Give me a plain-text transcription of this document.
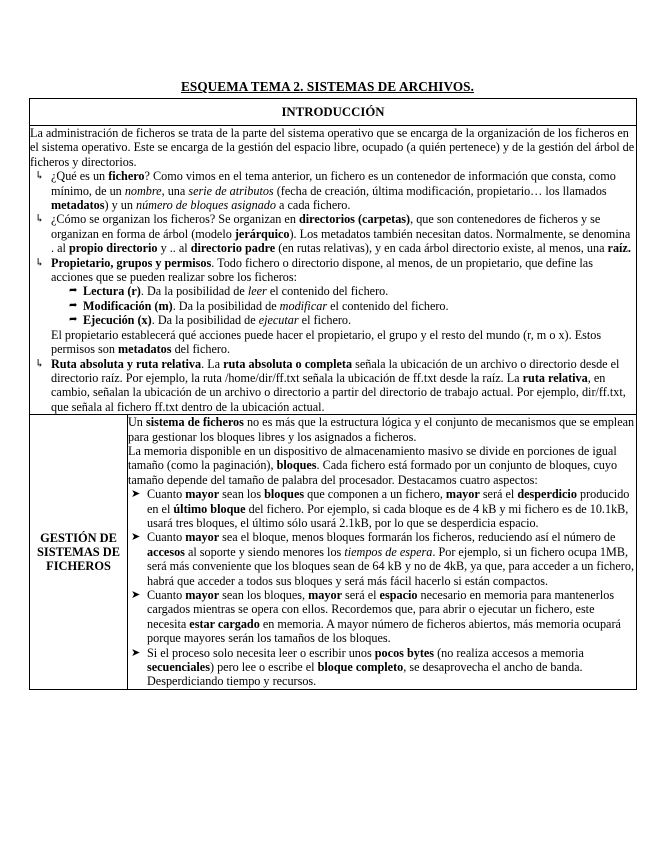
ESQUEMA TEMA 2. SISTEMAS DE ARCHIVOS.
INTRODUCCIÓN

La administración de ficheros se trata de la parte del sistema operativo que se encarga de la organización de los ficheros en el sistema operativo. Este se encarga de la gestión del espacio libre, ocupado (a quién pertenece) y de la gestión del árbol de ficheros y directorios.

↳ ¿Qué es un fichero? Como vimos en el tema anterior, un fichero es un contenedor de información que consta, como mínimo, de un nombre, una serie de atributos (fecha de creación, última modificación, propietario… los llamados metadatos) y un número de bloques asignado a cada fichero.
↳ ¿Cómo se organizan los ficheros? Se organizan en directorios (carpetas), que son contenedores de ficheros y se organizan en forma de árbol (modelo jerárquico). Los metadatos también necesitan datos. Normalmente, se denomina . al propio directorio y .. al directorio padre (en rutas relativas), y en cada árbol directorio existe, al menos, una raíz.
↳ Propietario, grupos y permisos. Todo fichero o directorio dispone, al menos, de un propietario, que define las acciones que se pueden realizar sobre los ficheros:
➦ Lectura (r). Da la posibilidad de leer el contenido del fichero.
➦ Modificación (m). Da la posibilidad de modificar el contenido del fichero.
➦ Ejecución (x). Da la posibilidad de ejecutar el fichero.
El propietario establecerá qué acciones puede hacer el propietario, el grupo y el resto del mundo (r, m o x). Estos permisos son metadatos del fichero.
↳ Ruta absoluta y ruta relativa. La ruta absoluta o completa señala la ubicación de un archivo o directorio desde el directorio raíz. Por ejemplo, la ruta /home/dir/ff.txt señala la ubicación de ff.txt desde la raíz. La ruta relativa, en cambio, señalan la ubicación de un archivo o directorio a partir del directorio de trabajo actual. Por ejemplo, dir/ff.txt, que señala al fichero ff.txt dentro de la ubicación actual.

GESTIÓN DE
SISTEMAS DE
FICHEROS

Un sistema de ficheros no es más que la estructura lógica y el conjunto de mecanismos que se emplean para gestionar los bloques libres y los asignados a ficheros.

La memoria disponible en un dispositivo de almacenamiento masivo se divide en porciones de igual tamaño (como la paginación), bloques. Cada fichero está formado por un conjunto de bloques, cuyo tamaño depende del tamaño de palabra del procesador. Destacamos cuatro aspectos:

➤ Cuanto mayor sean los bloques que componen a un fichero, mayor será el desperdicio producido en el último bloque del fichero. Por ejemplo, si cada bloque es de 4 kB y mi fichero es de 10.1kB, usará tres bloques, el último sólo usará 2.1kB, por lo que se desperdicia espacio.
➤ Cuanto mayor sea el bloque, menos bloques formarán los ficheros, reduciendo así el número de accesos al soporte y siendo menores los tiempos de espera. Por ejemplo, si un fichero ocupa 1MB, será más conveniente que los bloques sean de 64 kB y no de 4kB, ya que, para acceder a un fichero, habrá que acceder a todos sus bloques y será más fácil hacerlo si están compactos.
➤ Cuanto mayor sean los bloques, mayor será el espacio necesario en memoria para mantenerlos cargados mientras se opera con ellos. Recordemos que, para abrir o ejecutar un fichero, este necesita estar cargado en memoria. A mayor número de ficheros abiertos, más memoria ocupará porque mayores serán los tamaños de los bloques.
➤ Si el proceso solo necesita leer o escribir unos pocos bytes (no realiza accesos a memoria secuenciales) pero lee o escribe el bloque completo, se desaprovecha el ancho de banda. Desperdiciando tiempo y recursos.
